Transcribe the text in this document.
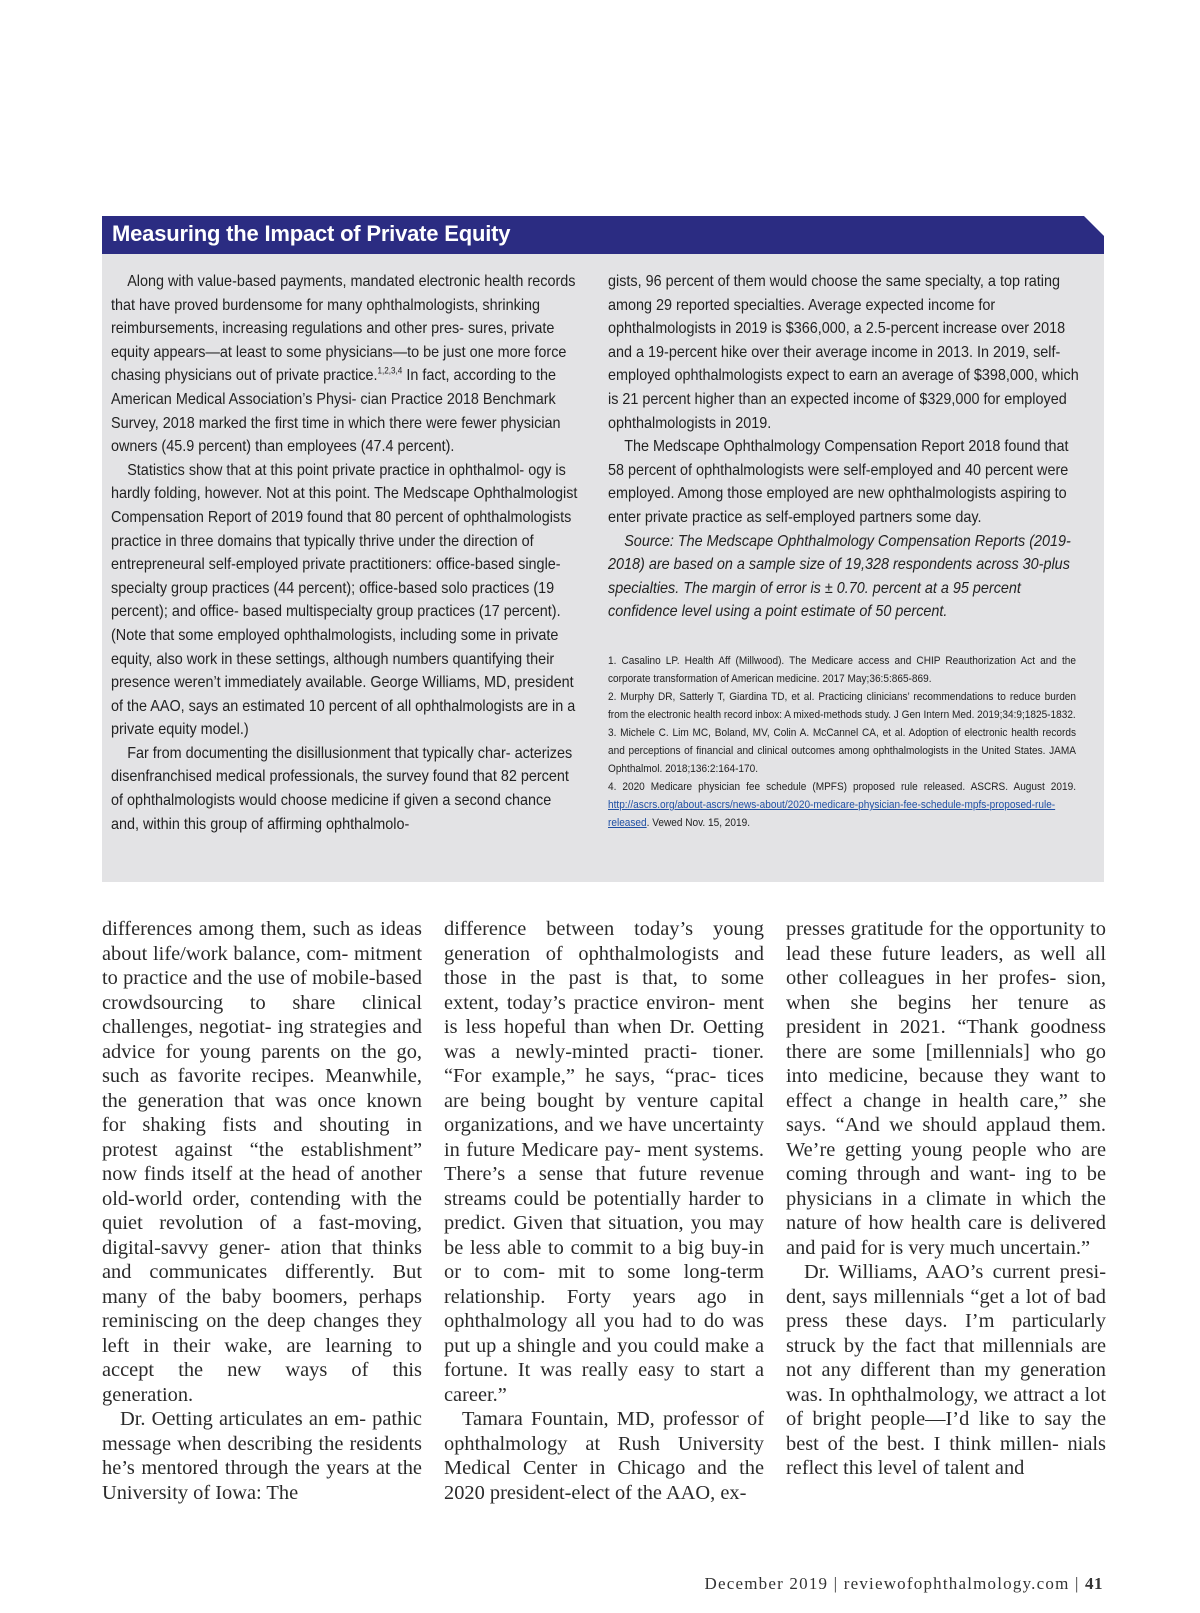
Measuring the Impact of Private Equity

Along with value-based payments, mandated electronic health records that have proved burdensome for many ophthalmologists, shrinking reimbursements, increasing regulations and other pres- sures, private equity appears—at least to some physicians—to be just one more force chasing physicians out of private practice.$^{1,2,3,4}$ In fact, according to the American Medical Association’s Physi- cian Practice 2018 Benchmark Survey, 2018 marked the first time in which there were fewer physician owners (45.9 percent) than employees (47.4 percent).

Statistics show that at this point private practice in ophthalmol- ogy is hardly folding, however. Not at this point. The Medscape Ophthalmologist Compensation Report of 2019 found that 80 percent of ophthalmologists practice in three domains that typically thrive under the direction of entrepreneural self-employed private practitioners: office-based single-specialty group practices (44 percent); office-based solo practices (19 percent); and office- based multispecialty group practices (17 percent). (Note that some employed ophthalmologists, including some in private equity, also work in these settings, although numbers quantifying their presence weren’t immediately available. George Williams, MD, president of the AAO, says an estimated 10 percent of all ophthalmologists are in a private equity model.)

Far from documenting the disillusionment that typically char- acterizes disenfranchised medical professionals, the survey found that 82 percent of ophthalmologists would choose medicine if given a second chance and, within this group of affirming ophthalmolo-

gists, 96 percent of them would choose the same specialty, a top rating among 29 reported specialties. Average expected income for ophthalmologists in 2019 is $366,000, a 2.5-percent increase over 2018 and a 19-percent hike over their average income in 2013. In 2019, self-employed ophthalmologists expect to earn an average of $398,000, which is 21 percent higher than an expected income of $329,000 for employed ophthalmologists in 2019.

The Medscape Ophthalmology Compensation Report 2018 found that 58 percent of ophthalmologists were self-employed and 40 percent were employed. Among those employed are new ophthalmologists aspiring to enter private practice as self-employed partners some day.

Source: The Medscape Ophthalmology Compensation Reports (2019-2018) are based on a sample size of 19,328 respondents across 30-plus specialties. The margin of error is ± 0.70. percent at a 95 percent confidence level using a point estimate of 50 percent.

1. Casalino LP. Health Aff (Millwood). The Medicare access and CHIP Reauthorization Act and the corporate transformation of American medicine. 2017 May;36:5:865-869.

2. Murphy DR, Satterly T, Giardina TD, et al. Practicing clinicians’ recommendations to reduce burden from the electronic health record inbox: A mixed-methods study. J Gen Intern Med. 2019;34:9;1825-1832.

3. Michele C. Lim MC, Boland, MV, Colin A. McCannel CA, et al. Adoption of electronic health records and perceptions of financial and clinical outcomes among ophthalmologists in the United States. JAMA Ophthalmol. 2018;136:2:164-170.

4. 2020 Medicare physician fee schedule (MPFS) proposed rule released. ASCRS. August 2019. http://ascrs.org/about-ascrs/news-about/2020-medicare-physician-fee-schedule-mpfs-proposed-rule-released. Vewed Nov. 15, 2019.

differences among them, such as ideas about life/work balance, com- mitment to practice and the use of mobile-based crowdsourcing to share clinical challenges, negotiat- ing strategies and advice for young parents on the go, such as favorite recipes. Meanwhile, the generation that was once known for shaking fists and shouting in protest against “the establishment” now finds itself at the head of another old-world order, contending with the quiet revolution of a fast-moving, digital-savvy gener- ation that thinks and communicates differently. But many of the baby boomers, perhaps reminiscing on the deep changes they left in their wake, are learning to accept the new ways of this generation.

Dr. Oetting articulates an em- pathic message when describing the residents he’s mentored through the years at the University of Iowa: The

difference between today’s young generation of ophthalmologists and those in the past is that, to some extent, today’s practice environ- ment is less hopeful than when Dr. Oetting was a newly-minted practi- tioner. “For example,” he says, “prac- tices are being bought by venture capital organizations, and we have uncertainty in future Medicare pay- ment systems. There’s a sense that future revenue streams could be potentially harder to predict. Given that situation, you may be less able to commit to a big buy-in or to com- mit to some long-term relationship. Forty years ago in ophthalmology all you had to do was put up a shingle and you could make a fortune. It was really easy to start a career.”

Tamara Fountain, MD, professor of ophthalmology at Rush University Medical Center in Chicago and the 2020 president-elect of the AAO, ex-

presses gratitude for the opportunity to lead these future leaders, as well all other colleagues in her profes- sion, when she begins her tenure as president in 2021. “Thank goodness there are some [millennials] who go into medicine, because they want to effect a change in health care,” she says. “And we should applaud them. We’re getting young people who are coming through and want- ing to be physicians in a climate in which the nature of how health care is delivered and paid for is very much uncertain.”

Dr. Williams, AAO’s current presi- dent, says millennials “get a lot of bad press these days. I’m particularly struck by the fact that millennials are not any different than my generation was. In ophthalmology, we attract a lot of bright people—I’d like to say the best of the best. I think millen- nials reflect this level of talent and

December 2019 | reviewofophthalmology.com | 41
